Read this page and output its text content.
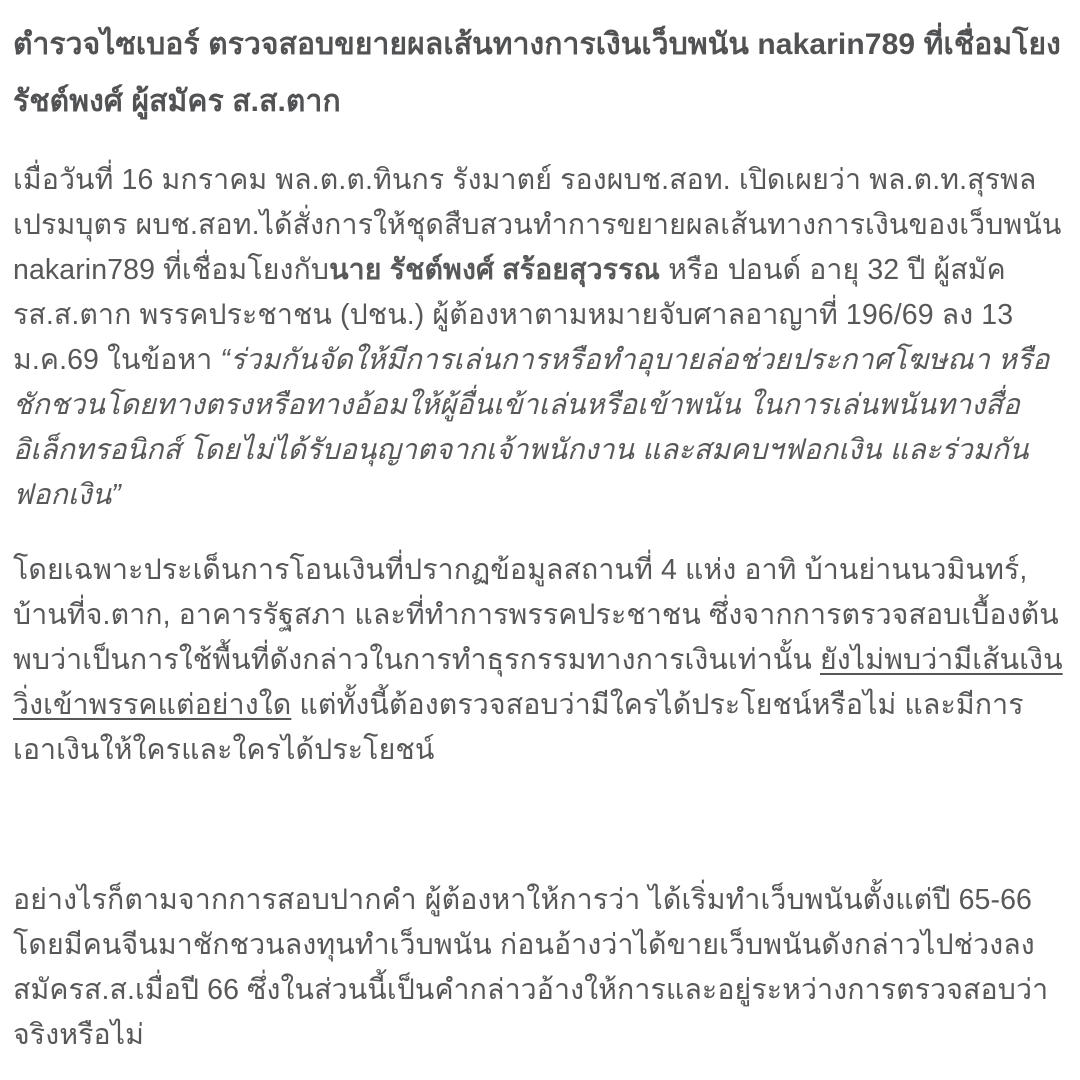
ตำรวจไซเบอร์ ตรวจสอบขยายผลเส้นทางการเงินเว็บพนัน nakarin789 ที่เชื่อมโยง รัชต์พงศ์ ผู้สมัคร ส.ส.ตาก

เมื่อวันที่ 16 มกราคม พล.ต.ต.ทินกร รังมาตย์ รองผบช.สอท. เปิดเผยว่า พล.ต.ท.สุรพล เปรมบุตร ผบช.สอท.ได้สั่งการให้ชุดสืบสวนทำการขยายผลเส้นทางการเงินของเว็บพนัน nakarin789 ที่เชื่อมโยงกับนาย รัชต์พงศ์ สร้อยสุวรรณ หรือ ปอนด์ อายุ 32 ปี ผู้สมัครส.ส.ตาก พรรคประชาชน (ปชน.) ผู้ต้องหาตามหมายจับศาลอาญาที่ 196/69 ลง 13 ม.ค.69 ในข้อหา “ร่วมกันจัดให้มีการเล่นการหรือทำอุบายล่อช่วยประกาศโฆษณา หรือชักชวนโดยทางตรงหรือทางอ้อมให้ผู้อื่นเข้าเล่นหรือเข้าพนัน ในการเล่นพนันทางสื่ออิเล็กทรอนิกส์ โดยไม่ได้รับอนุญาตจากเจ้าพนักงาน และสมคบฯฟอกเงิน และร่วมกันฟอกเงิน”

โดยเฉพาะประเด็นการโอนเงินที่ปรากฏข้อมูลสถานที่ 4 แห่ง อาทิ บ้านย่านนวมินทร์, บ้านที่จ.ตาก, อาคารรัฐสภา และที่ทำการพรรคประชาชน ซึ่งจากการตรวจสอบเบื้องต้นพบว่าเป็นการใช้พื้นที่ดังกล่าวในการทำธุรกรรมทางการเงินเท่านั้น ยังไม่พบว่ามีเส้นเงินวิ่งเข้าพรรคแต่อย่างใด แต่ทั้งนี้ต้องตรวจสอบว่ามีใครได้ประโยชน์หรือไม่ และมีการเอาเงินให้ใครและใครได้ประโยชน์

อย่างไรก็ตามจากการสอบปากคำ ผู้ต้องหาให้การว่า ได้เริ่มทำเว็บพนันตั้งแต่ปี 65-66 โดยมีคนจีนมาชักชวนลงทุนทำเว็บพนัน ก่อนอ้างว่าได้ขายเว็บพนันดังกล่าวไปช่วงลงสมัครส.ส.เมื่อปี 66 ซึ่งในส่วนนี้เป็นคำกล่าวอ้างให้การและอยู่ระหว่างการตรวจสอบว่าจริงหรือไม่
